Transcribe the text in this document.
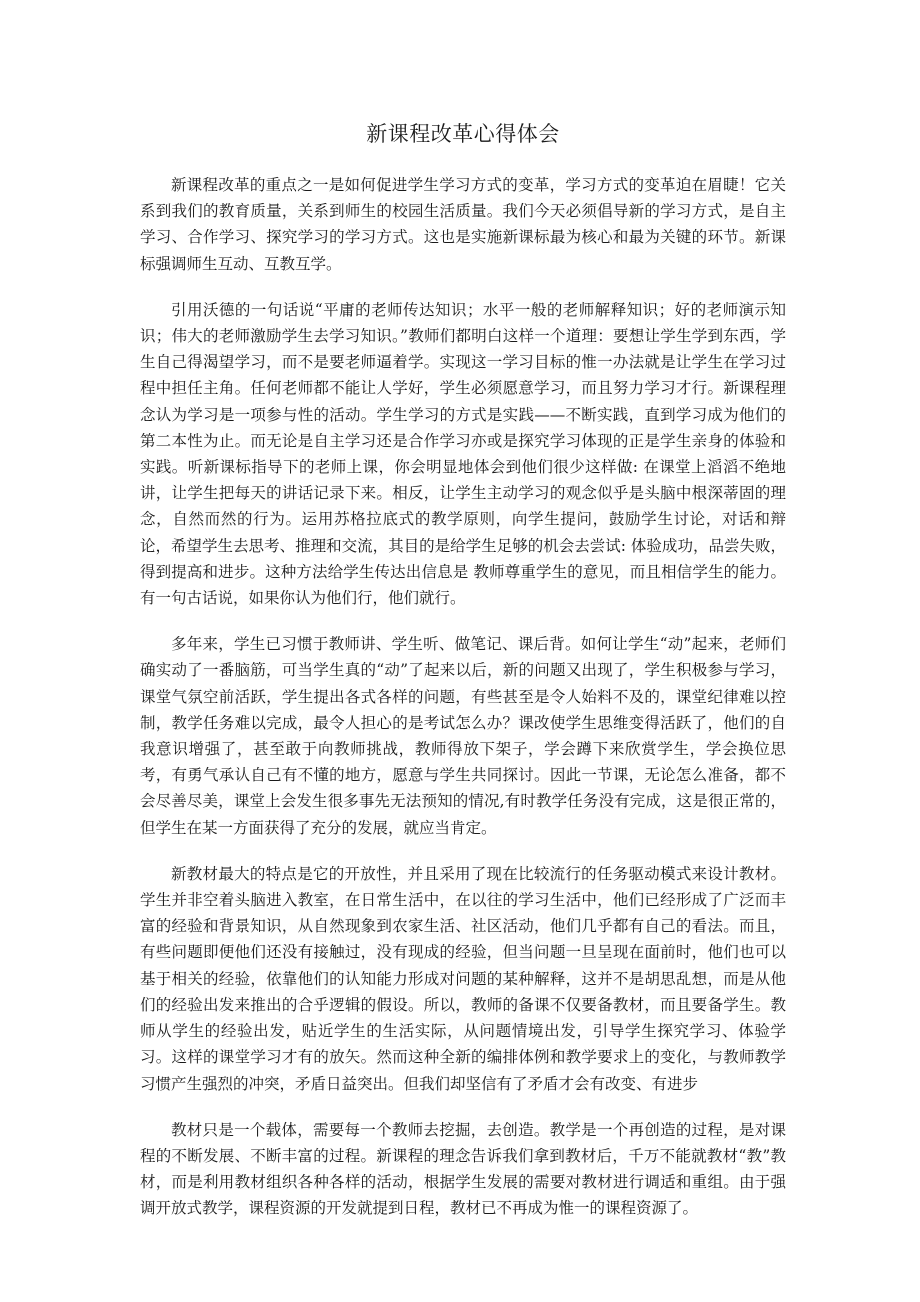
新课程改革心得体会

新课程改革的重点之一是如何促进学生学习方式的变革，学习方式的变革迫在眉睫！它关系到我们的教育质量，关系到师生的校园生活质量。我们今天必须倡导新的学习方式，是自主学习、合作学习、探究学习的学习方式。这也是实施新课标最为核心和最为关键的环节。新课标强调师生互动、互教互学。

引用沃德的一句话说“平庸的老师传达知识；水平一般的老师解释知识；好的老师演示知识；伟大的老师激励学生去学习知识。”教师们都明白这样一个道理：要想让学生学到东西，学生自己得渴望学习，而不是要老师逼着学。实现这一学习目标的惟一办法就是让学生在学习过程中担任主角。任何老师都不能让人学好，学生必须愿意学习，而且努力学习才行。新课程理念认为学习是一项参与性的活动。学生学习的方式是实践——不断实践，直到学习成为他们的第二本性为止。而无论是自主学习还是合作学习亦或是探究学习体现的正是学生亲身的体验和实践。听新课标指导下的老师上课，你会明显地体会到他们很少这样做: 在课堂上滔滔不绝地讲，让学生把每天的讲话记录下来。相反，让学生主动学习的观念似乎是头脑中根深蒂固的理念，自然而然的行为。运用苏格拉底式的教学原则，向学生提问，鼓励学生讨论，对话和辩论，希望学生去思考、推理和交流，其目的是给学生足够的机会去尝试: 体验成功，品尝失败，得到提高和进步。这种方法给学生传达出信息是 教师尊重学生的意见，而且相信学生的能力。有一句古话说，如果你认为他们行，他们就行。

多年来，学生已习惯于教师讲、学生听、做笔记、课后背。如何让学生“动”起来，老师们确实动了一番脑筋，可当学生真的“动”了起来以后，新的问题又出现了，学生积极参与学习，课堂气氛空前活跃，学生提出各式各样的问题，有些甚至是令人始料不及的，课堂纪律难以控制，教学任务难以完成，最令人担心的是考试怎么办？课改使学生思维变得活跃了，他们的自我意识增强了，甚至敢于向教师挑战，教师得放下架子，学会蹲下来欣赏学生，学会换位思考，有勇气承认自己有不懂的地方，愿意与学生共同探讨。因此一节课，无论怎么准备，都不会尽善尽美，课堂上会发生很多事先无法预知的情况,有时教学任务没有完成，这是很正常的，但学生在某一方面获得了充分的发展，就应当肯定。

新教材最大的特点是它的开放性，并且采用了现在比较流行的任务驱动模式来设计教材。学生并非空着头脑进入教室，在日常生活中，在以往的学习生活中，他们已经形成了广泛而丰富的经验和背景知识，从自然现象到农家生活、社区活动，他们几乎都有自己的看法。而且，有些问题即便他们还没有接触过，没有现成的经验，但当问题一旦呈现在面前时，他们也可以基于相关的经验，依靠他们的认知能力形成对问题的某种解释，这并不是胡思乱想，而是从他们的经验出发来推出的合乎逻辑的假设。所以，教师的备课不仅要备教材，而且要备学生。教师从学生的经验出发，贴近学生的生活实际，从问题情境出发，引导学生探究学习、体验学习。这样的课堂学习才有的放矢。然而这种全新的编排体例和教学要求上的变化，与教师教学习惯产生强烈的冲突，矛盾日益突出。但我们却坚信有了矛盾才会有改变、有进步

教材只是一个载体，需要每一个教师去挖掘，去创造。教学是一个再创造的过程，是对课程的不断发展、不断丰富的过程。新课程的理念告诉我们拿到教材后，千万不能就教材“教”教材，而是利用教材组织各种各样的活动，根据学生发展的需要对教材进行调适和重组。由于强调开放式教学，课程资源的开发就提到日程，教材已不再成为惟一的课程资源了。
